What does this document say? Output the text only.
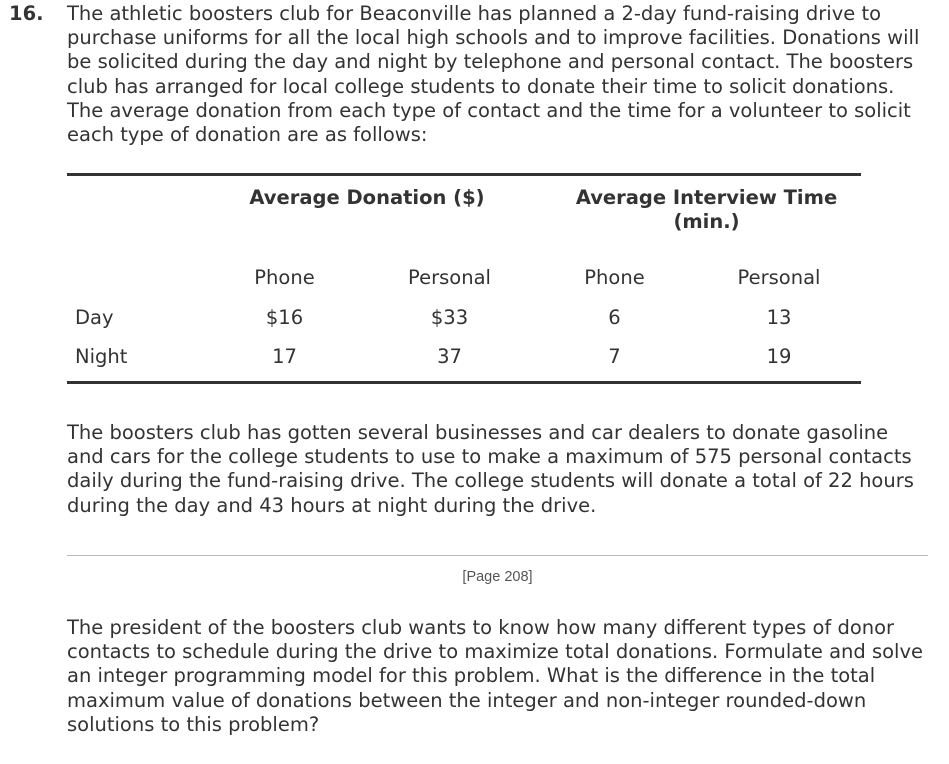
16. The athletic boosters club for Beaconville has planned a 2-day fund-raising drive to purchase uniforms for all the local high schools and to improve facilities. Donations will be solicited during the day and night by telephone and personal contact. The boosters club has arranged for local college students to donate their time to solicit donations. The average donation from each type of contact and the time for a volunteer to solicit each type of donation are as follows:

	Average Donation ($)		Average Interview Time (min.)	
	Phone	Personal	Phone	Personal
Day	$16	$33	6	13
Night	17	37	7	19

The boosters club has gotten several businesses and car dealers to donate gasoline and cars for the college students to use to make a maximum of 575 personal contacts daily during the fund-raising drive. The college students will donate a total of 22 hours during the day and 43 hours at night during the drive.

[Page 208]

The president of the boosters club wants to know how many different types of donor contacts to schedule during the drive to maximize total donations. Formulate and solve an integer programming model for this problem. What is the difference in the total maximum value of donations between the integer and non-integer rounded-down solutions to this problem?
